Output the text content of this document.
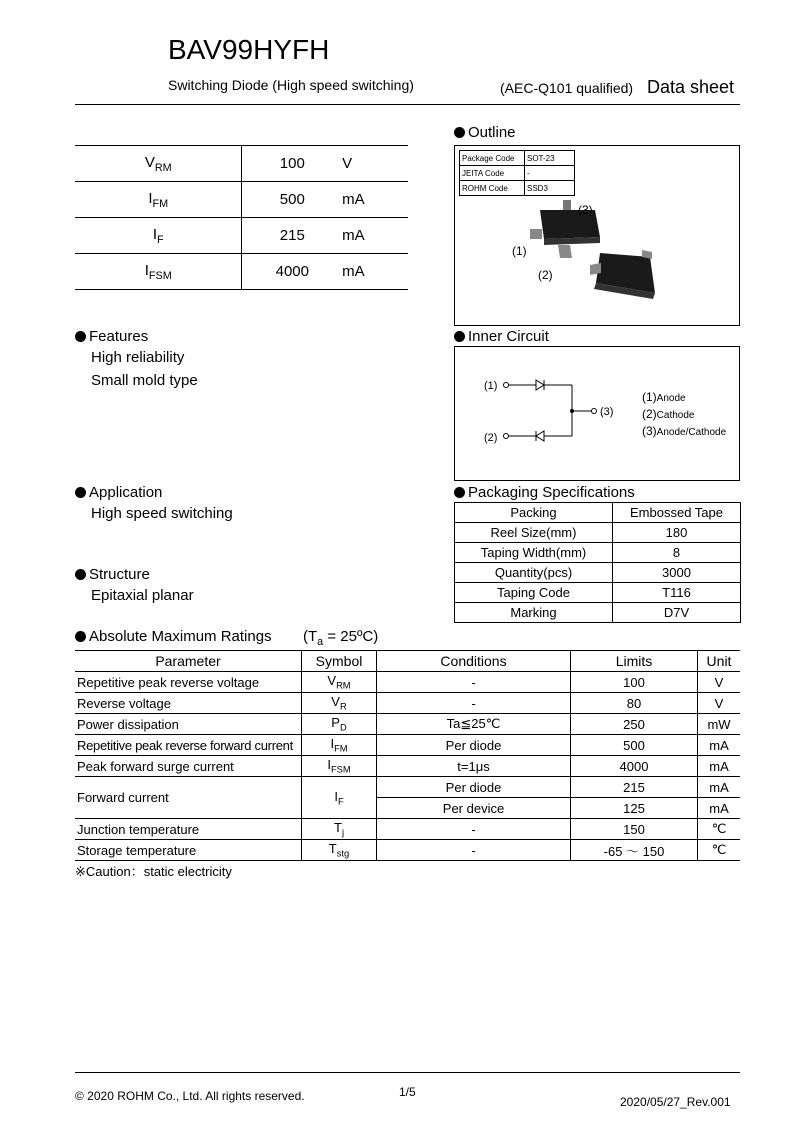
BAV99HYFH
Switching Diode (High speed switching)	(AEC-Q101 qualified) Data sheet
$V_{RM}$	100	V
$I_{FM}$	500	mA
$I_F$	215	mA
$I_{FSM}$	4000	mA
Outline
Package Code	SOT-23
JEITA Code	-
ROHM Code	SSD3
(3)
(1)
(2)
Inner Circuit
(1)
(2)
(3)
(1)Anode
(2)Cathode
(3)Anode/Cathode
Features
High reliability
Small mold type
Application
High speed switching
Structure
Epitaxial planar
Packaging Specifications
Packing	Embossed Tape
Reel Size(mm)	180
Taping Width(mm)	8
Quantity(pcs)	3000
Taping Code	T116
Marking	D7V
Absolute Maximum Ratings ($T_a$ = 25ºC)
Parameter	Symbol	Conditions	Limits	Unit
Repetitive peak reverse voltage	$V_{RM}$	-	100	V
Reverse voltage	$V_R$	-	80	V
Power dissipation	$P_D$	Ta≦25℃	250	mW
Repetitive peak reverse forward current	$I_{FM}$	Per diode	500	mA
Peak forward surge current	$I_{FSM}$	t=1μs	4000	mA
Forward current	$I_F$	Per diode	215	mA
		Per device	125	mA
Junction temperature	$T_j$	-	150	℃
Storage temperature	$T_{stg}$	-	-65 ～ 150	℃
※Caution：static electricity
© 2020 ROHM Co., Ltd. All rights reserved.	1/5
2020/05/27_Rev.001
